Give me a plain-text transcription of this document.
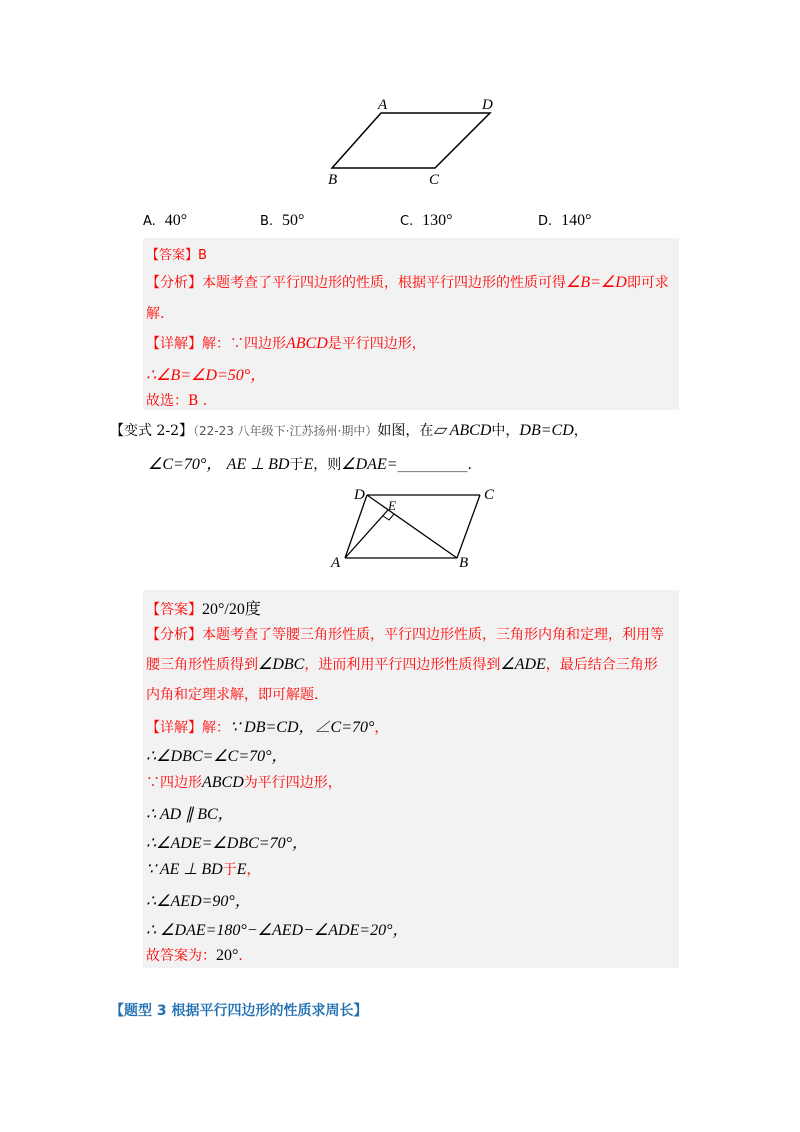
A	D
B	C
A. 40°	B. 50°	C. 130°	D. 140°
【答案】B
【分析】本题考查了平行四边形的性质，根据平行四边形的性质可得∠B=∠D即可求
解.
【详解】解：∵四边形ABCD是平行四边形，
∴∠B=∠D=50°，
故选：B ．
【变式 2-2】（22-23 八年级下·江苏扬州·期中）如图，在▱ ABCD中，DB=CD，
∠C=70°， AE ⊥ BD于E，则∠DAE=__________.
D
E
C
A	B
【答案】20°/20度
【分析】本题考查了等腰三角形性质，平行四边形性质，三角形内角和定理，利用等
腰三角形性质得到∠DBC，进而利用平行四边形性质得到∠ADE，最后结合三角形
内角和定理求解，即可解题.
【详解】解：∵ DB=CD，∠C=70°，
∴∠DBC=∠C=70°，
∵四边形ABCD为平行四边形，
∴ AD ∥ BC，
∴∠ADE=∠DBC=70°，
∵ AE ⊥ BD于E，
∴∠AED=90°，
∴ ∠DAE=180°−∠AED−∠ADE=20°，
故答案为：20°.
【题型 3 根据平行四边形的性质求周长】
